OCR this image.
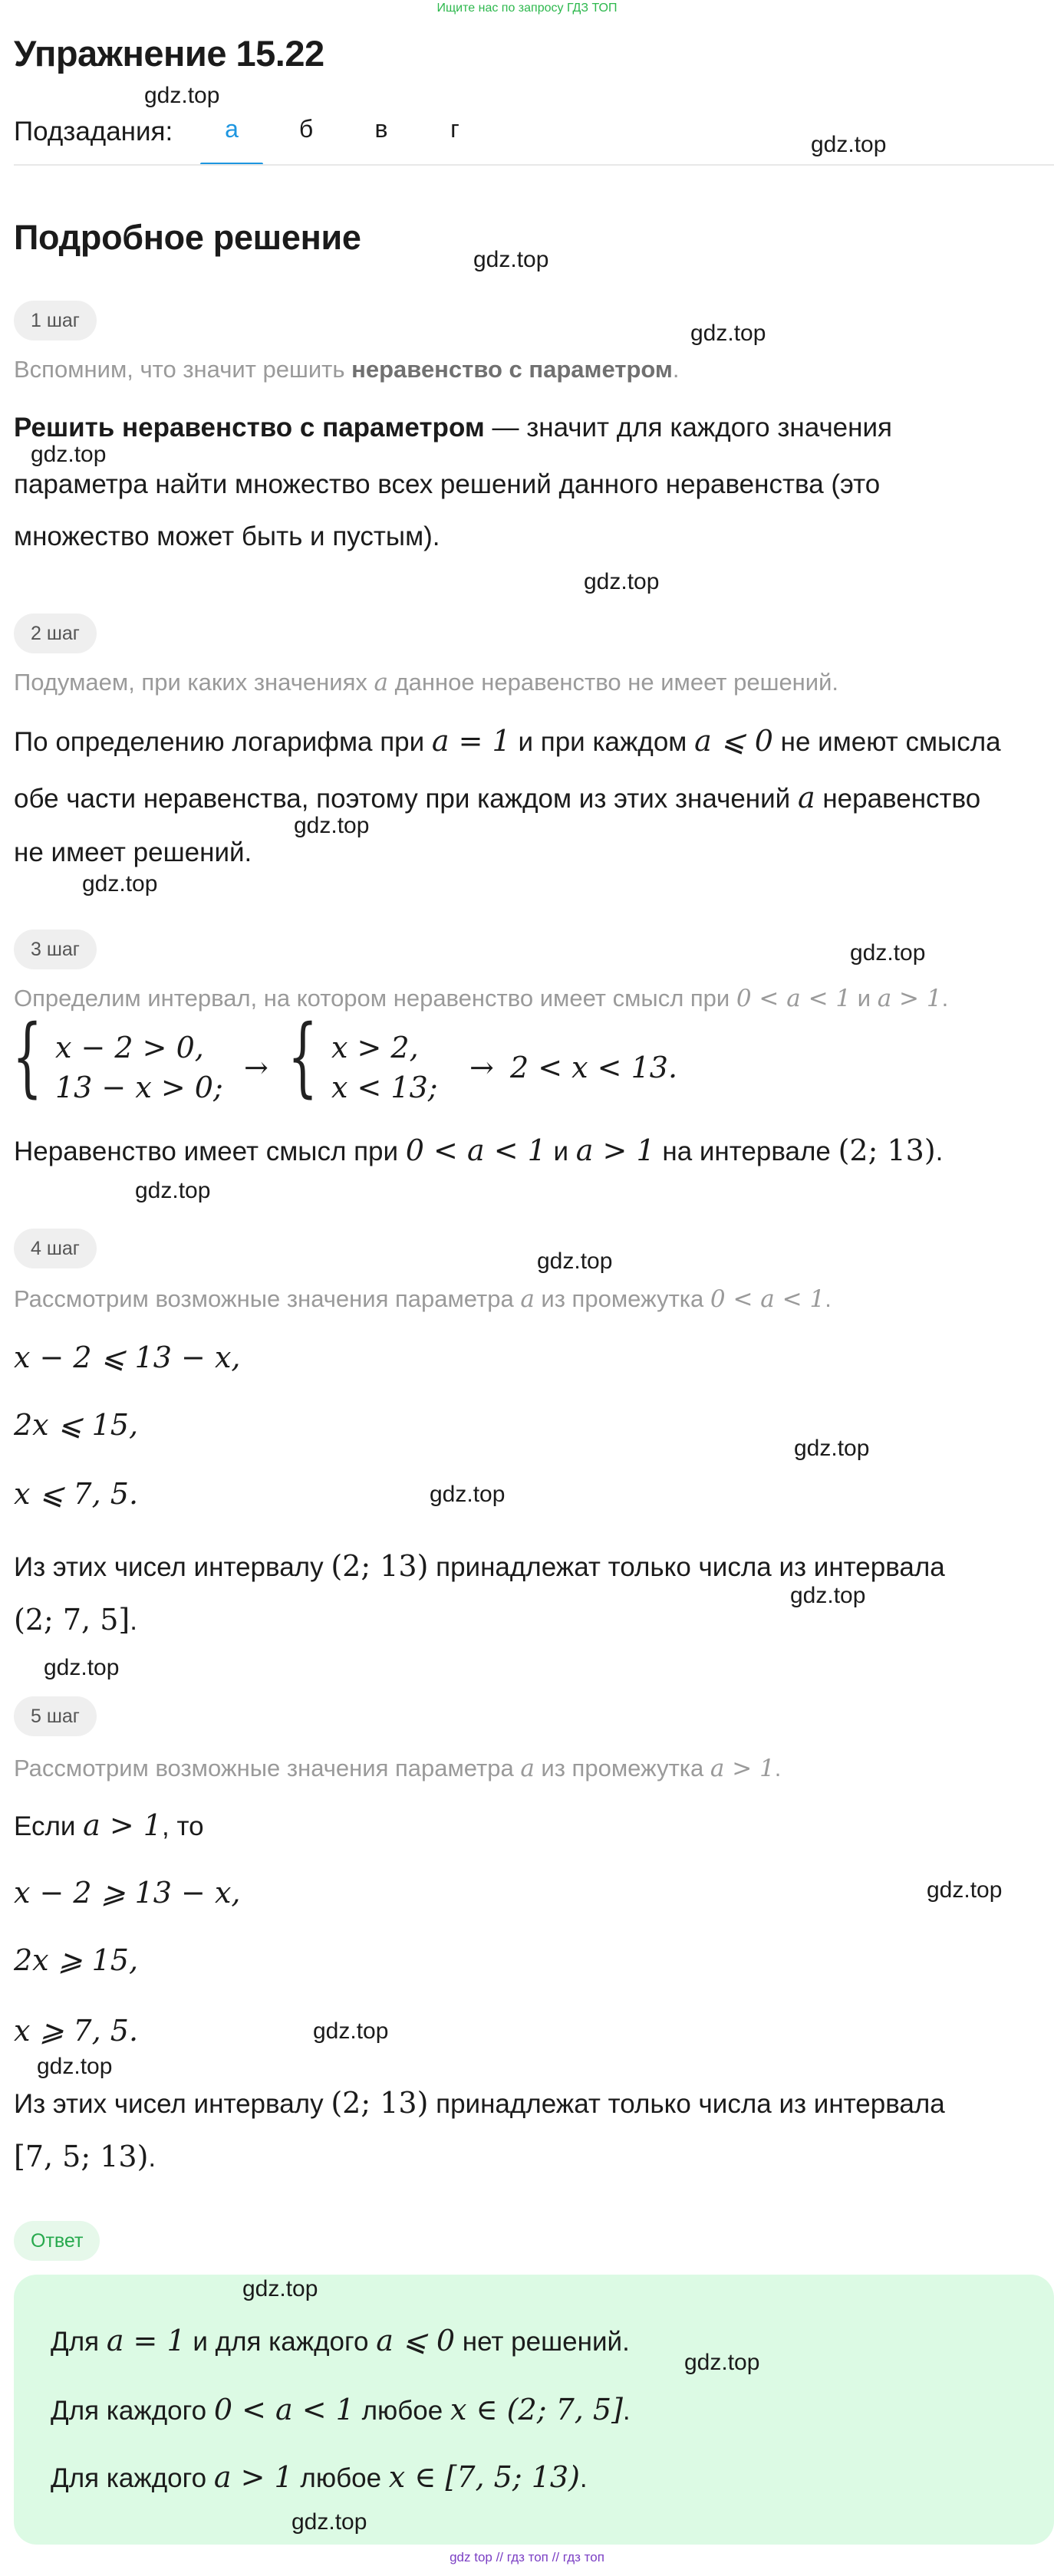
Ищите нас по запросу ГДЗ ТОП
Упражнение 15.22
gdz.top
Подзадания:	а	б	в	г
gdz.top
Подробное решение
gdz.top
1 шаг	gdz.top
Вспомним, что значит решить неравенство с параметром.
Решить неравенство с параметром — значит для каждого значения
gdz.top
параметра найти множество всех решений данного неравенства (это
множество может быть и пустым).
gdz.top
2 шаг
Подумаем, при каких значениях a данное неравенство не имеет решений.
По определению логарифма при a = 1 и при каждом a ⩽ 0 не имеют смысла
обе части неравенства, поэтому при каждом из этих значений a неравенство
gdz.top
не имеет решений.
gdz.top
3 шаг	gdz.top
Определим интервал, на котором неравенство имеет смысл при 0 < a < 1 и a > 1.
{ x − 2 > 0,
13 − x > 0;
→ { x > 2,
x < 13;
→ 2 < x < 13.
Неравенство имеет смысл при 0 < a < 1 и a > 1 на интервале (2; 13).
gdz.top
4 шаг	gdz.top
Рассмотрим возможные значения параметра a из промежутка 0 < a < 1.
x − 2 ⩽ 13 − x,
2x ⩽ 15,
gdz.top
x ⩽ 7, 5.	gdz.top
Из этих чисел интервалу (2; 13) принадлежат только числа из интервала
gdz.top
(2; 7, 5].
gdz.top
5 шаг
Рассмотрим возможные значения параметра a из промежутка a > 1.
Если a > 1, то
x − 2 ⩾ 13 − x,	gdz.top
2x ⩾ 15,
x ⩾ 7, 5.	gdz.top
gdz.top
Из этих чисел интервалу (2; 13) принадлежат только числа из интервала
[7, 5; 13).
Ответ
gdz.top
Для a = 1 и для каждого a ⩽ 0 нет решений.
gdz.top
Для каждого 0 < a < 1 любое x ∈ (2; 7, 5].
Для каждого a > 1 любое x ∈ [7, 5; 13).
gdz.top
gdz top // гдз топ // гдз топ
